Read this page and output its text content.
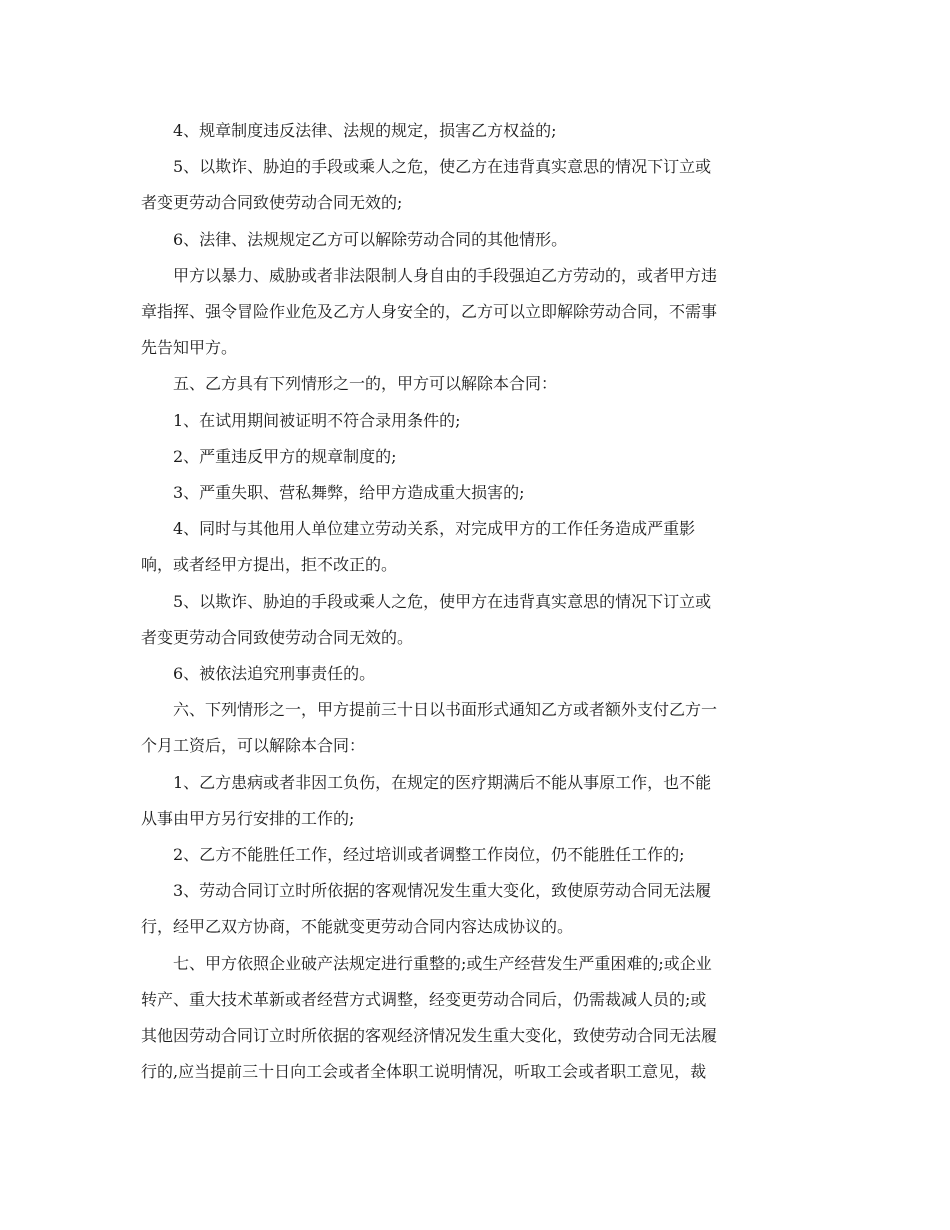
4、规章制度违反法律、法规的规定，损害乙方权益的;

5、以欺诈、胁迫的手段或乘人之危，使乙方在违背真实意思的情况下订立或
者变更劳动合同致使劳动合同无效的;

6、法律、法规规定乙方可以解除劳动合同的其他情形。

甲方以暴力、威胁或者非法限制人身自由的手段强迫乙方劳动的，或者甲方违
章指挥、强令冒险作业危及乙方人身安全的，乙方可以立即解除劳动合同，不需事
先告知甲方。

五、乙方具有下列情形之一的，甲方可以解除本合同：

1、在试用期间被证明不符合录用条件的;

2、严重违反甲方的规章制度的;

3、严重失职、营私舞弊，给甲方造成重大损害的;

4、同时与其他用人单位建立劳动关系，对完成甲方的工作任务造成严重影
响，或者经甲方提出，拒不改正的。

5、以欺诈、胁迫的手段或乘人之危，使甲方在违背真实意思的情况下订立或
者变更劳动合同致使劳动合同无效的。

6、被依法追究刑事责任的。

六、下列情形之一，甲方提前三十日以书面形式通知乙方或者额外支付乙方一
个月工资后，可以解除本合同：

1、乙方患病或者非因工负伤，在规定的医疗期满后不能从事原工作，也不能
从事由甲方另行安排的工作的;

2、乙方不能胜任工作，经过培训或者调整工作岗位，仍不能胜任工作的;

3、劳动合同订立时所依据的客观情况发生重大变化，致使原劳动合同无法履
行，经甲乙双方协商，不能就变更劳动合同内容达成协议的。

七、甲方依照企业破产法规定进行重整的;或生产经营发生严重困难的;或企业
转产、重大技术革新或者经营方式调整，经变更劳动合同后，仍需裁减人员的;或
其他因劳动合同订立时所依据的客观经济情况发生重大变化，致使劳动合同无法履
行的,应当提前三十日向工会或者全体职工说明情况，听取工会或者职工意见，裁
